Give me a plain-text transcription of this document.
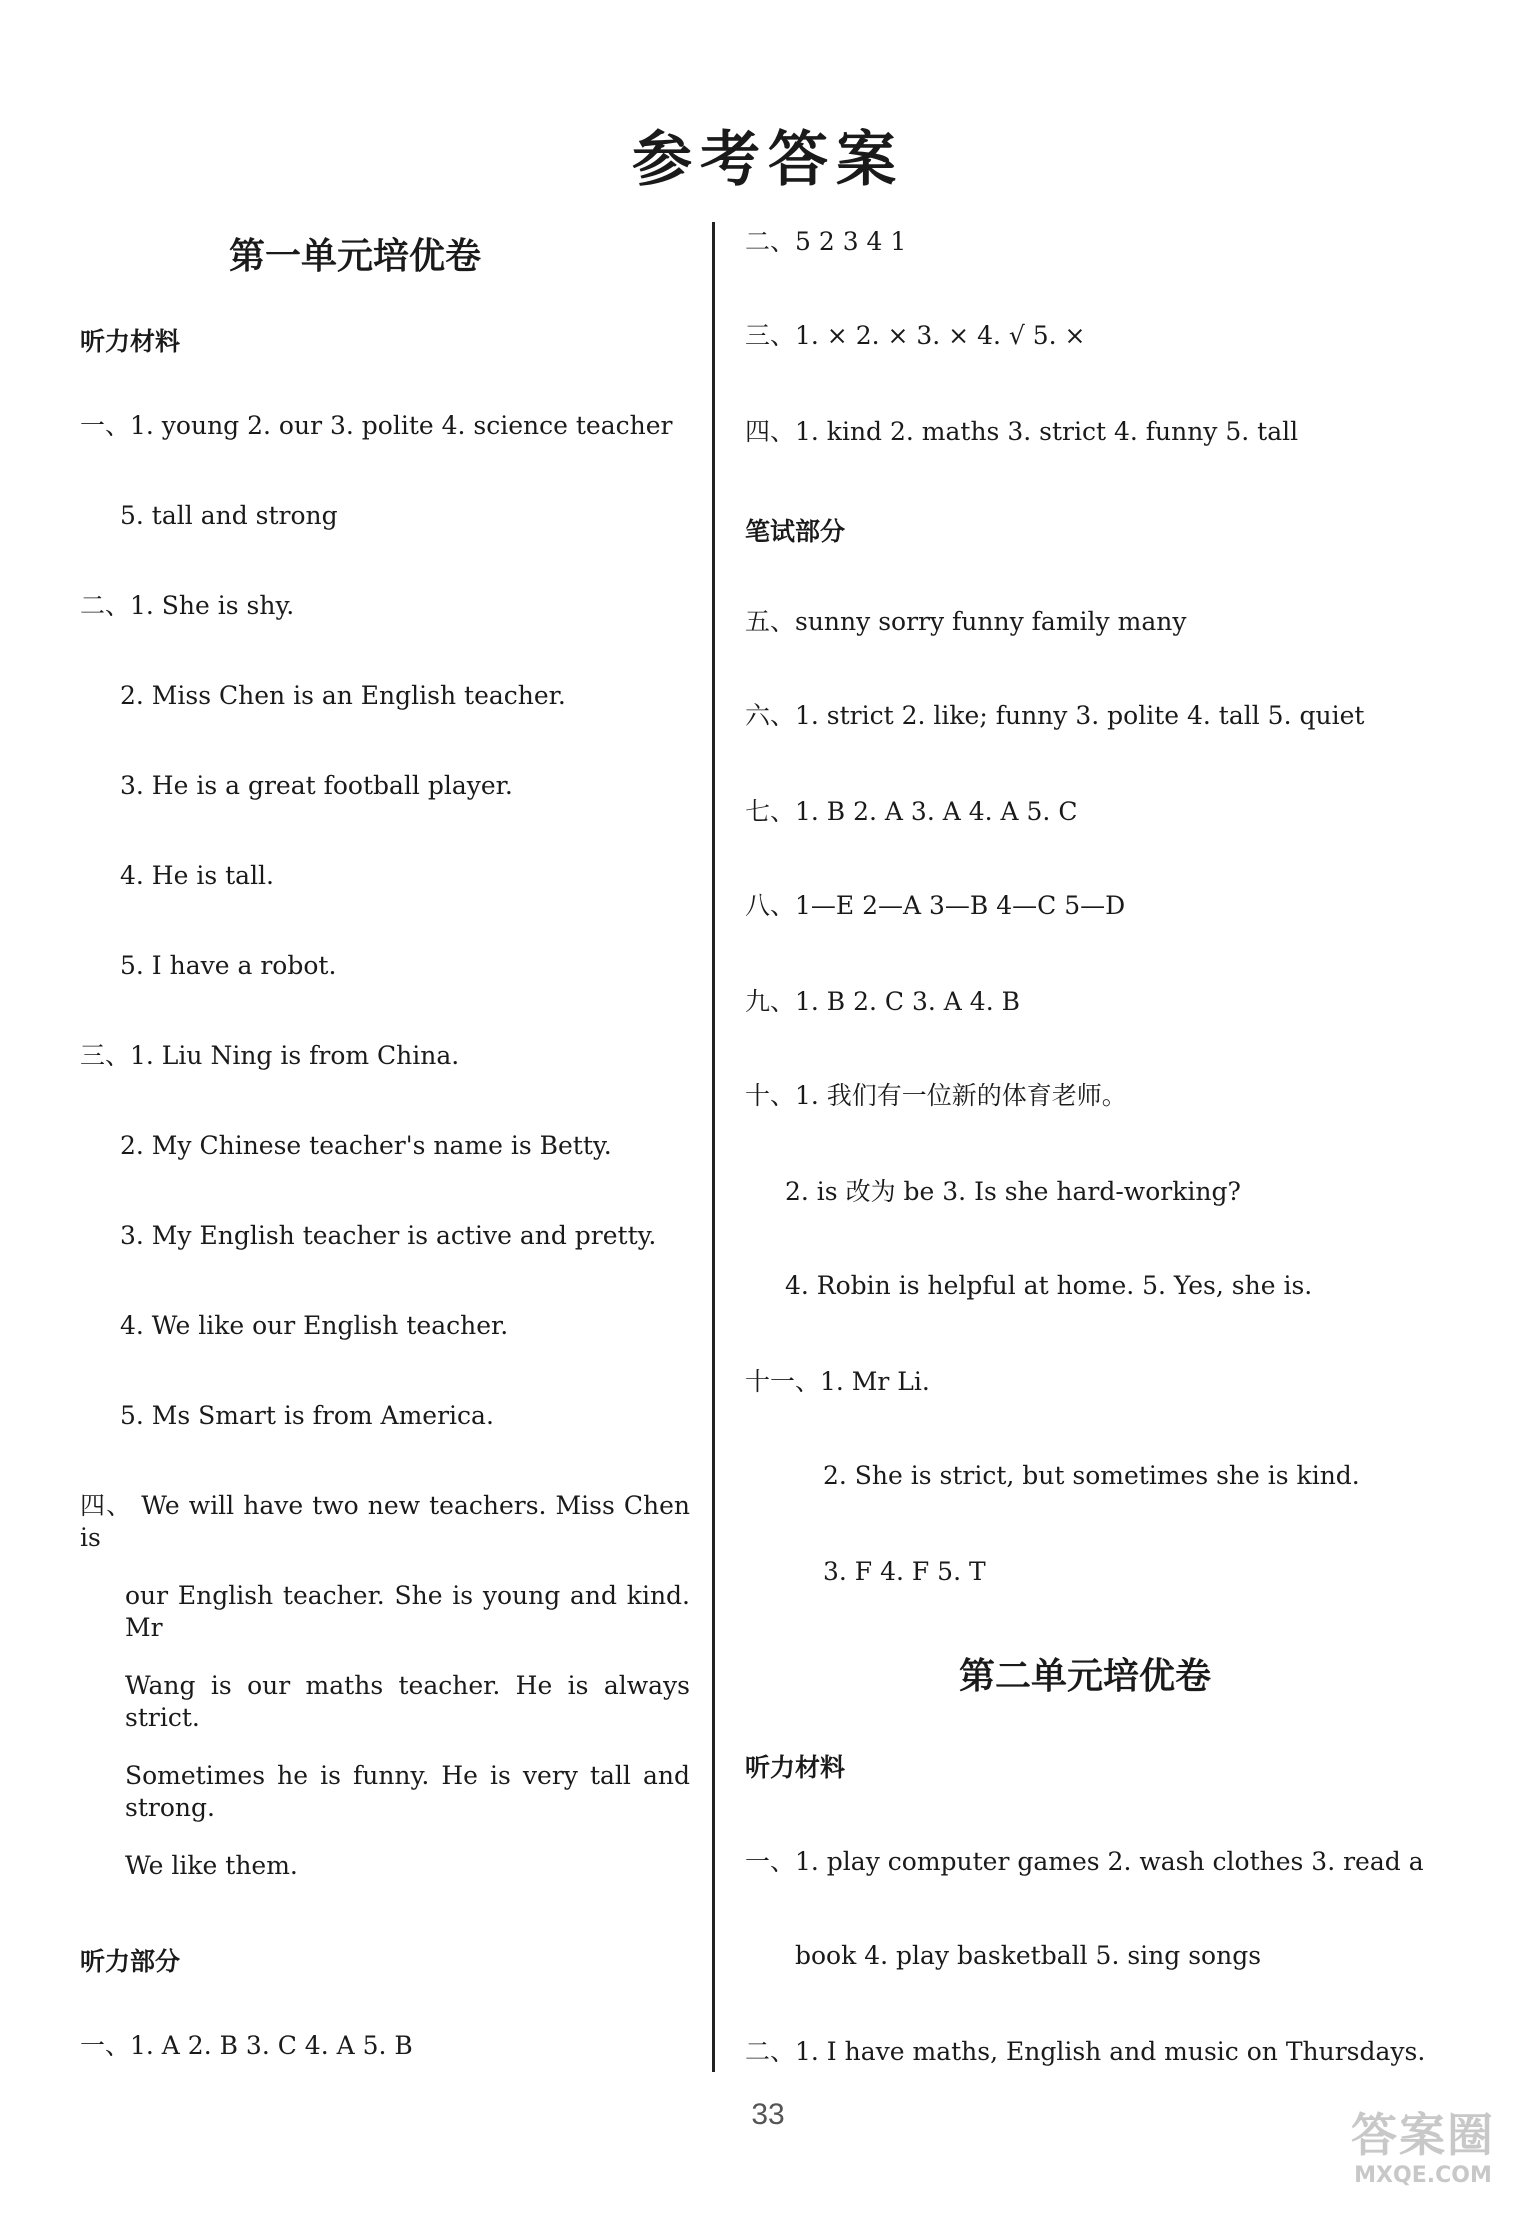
参考答案
第一单元培优卷
听力材料
一、1. young 2. our 3. polite 4. science teacher
5. tall and strong
二、1. She is shy.
2. Miss Chen is an English teacher.
3. He is a great football player.
4. He is tall.
5. I have a robot.
三、1. Liu Ning is from China.
2. My Chinese teacher's name is Betty.
3. My English teacher is active and pretty.
4. We like our English teacher.
5. Ms Smart is from America.
四、 We will have two new teachers. Miss Chen is
our English teacher. She is young and kind. Mr
Wang is our maths teacher. He is always strict.
Sometimes he is funny. He is very tall and strong.
We like them.
听力部分
一、1. A 2. B 3. C 4. A 5. B
二、5 2 3 4 1
三、1. × 2. × 3. × 4. √ 5. ×
四、1. kind 2. maths 3. strict 4. funny 5. tall
笔试部分
五、sunny sorry funny family many
六、1. strict 2. like; funny 3. polite 4. tall 5. quiet
七、1. B 2. A 3. A 4. A 5. C
八、1—E 2—A 3—B 4—C 5—D
九、1. B 2. C 3. A 4. B
十、1. 我们有一位新的体育老师。
2. is 改为 be 3. Is she hard-working?
4. Robin is helpful at home. 5. Yes, she is.
十一、1. Mr Li.
2. She is strict, but sometimes she is kind.
3. F 4. F 5. T
第二单元培优卷
听力材料
一、1. play computer games 2. wash clothes 3. read a
book 4. play basketball 5. sing songs
二、1. I have maths, English and music on Thursdays.
33	答案圈
MXQE.COM
